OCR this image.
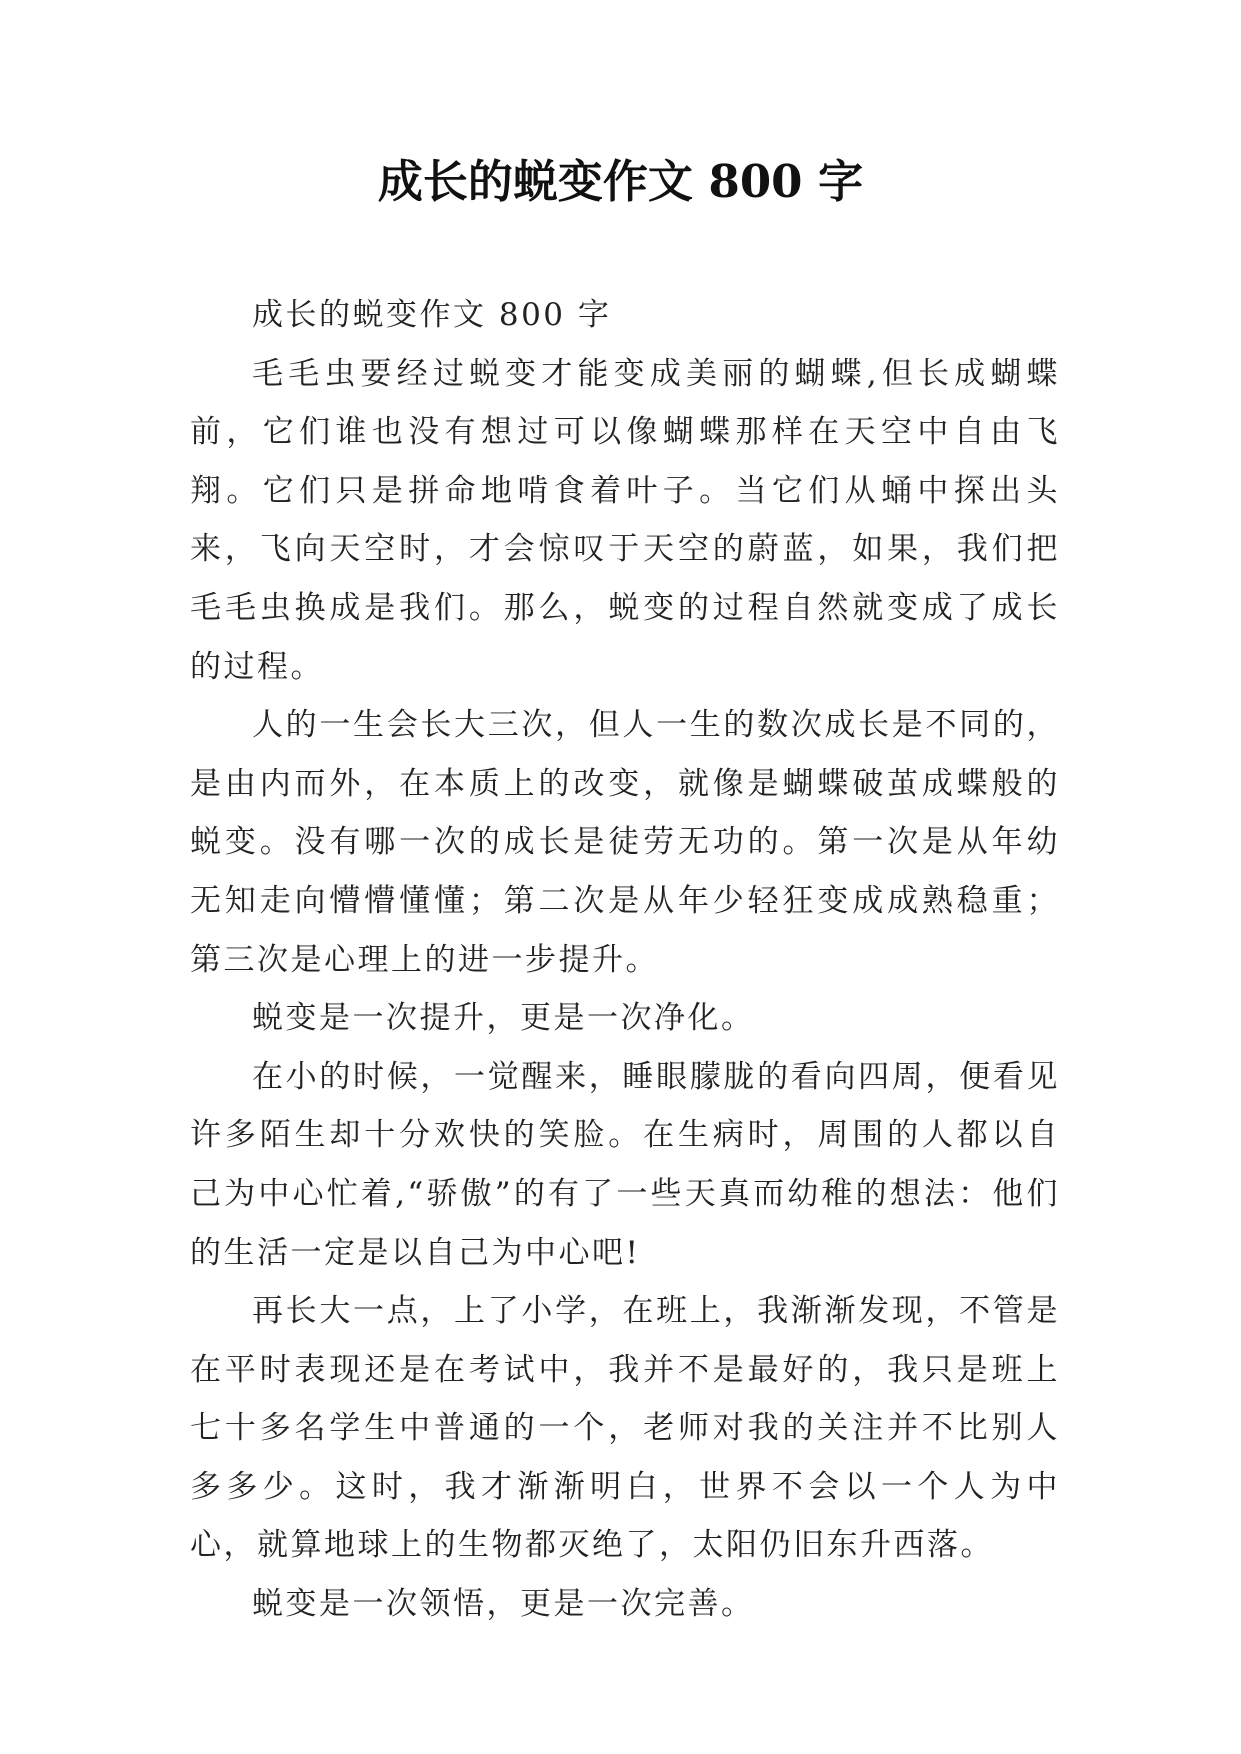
成长的蜕变作文 800 字

成长的蜕变作文 800 字

毛毛虫要经过蜕变才能变成美丽的蝴蝶,但长成蝴蝶前，它们谁也没有想过可以像蝴蝶那样在天空中自由飞翔。它们只是拼命地啃食着叶子。当它们从蛹中探出头来，飞向天空时，才会惊叹于天空的蔚蓝，如果，我们把毛毛虫换成是我们。那么，蜕变的过程自然就变成了成长的过程。

人的一生会长大三次，但人一生的数次成长是不同的，是由内而外，在本质上的改变，就像是蝴蝶破茧成蝶般的蜕变。没有哪一次的成长是徒劳无功的。第一次是从年幼无知走向懵懵懂懂；第二次是从年少轻狂变成成熟稳重；第三次是心理上的进一步提升。

蜕变是一次提升，更是一次净化。

在小的时候，一觉醒来，睡眼朦胧的看向四周，便看见许多陌生却十分欢快的笑脸。在生病时，周围的人都以自己为中心忙着,“骄傲”的有了一些天真而幼稚的想法：他们的生活一定是以自己为中心吧!

再长大一点，上了小学，在班上，我渐渐发现，不管是在平时表现还是在考试中，我并不是最好的，我只是班上七十多名学生中普通的一个，老师对我的关注并不比别人多多少。这时，我才渐渐明白，世界不会以一个人为中心，就算地球上的生物都灭绝了，太阳仍旧东升西落。

蜕变是一次领悟，更是一次完善。
